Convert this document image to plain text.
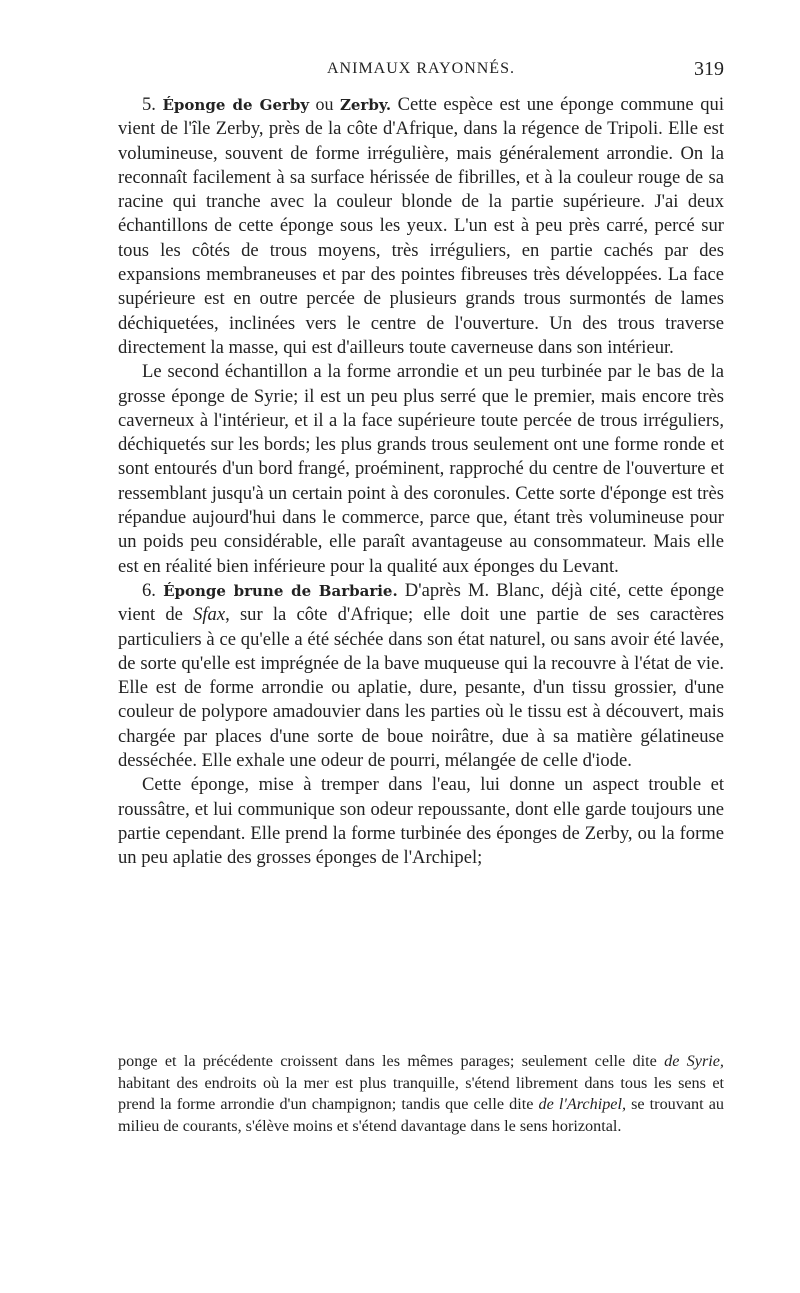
ANIMAUX RAYONNÉS.	319

5. Éponge de Gerby ou Zerby. Cette espèce est une éponge commune qui vient de l'île Zerby, près de la côte d'Afrique, dans la régence de Tripoli. Elle est volumineuse, souvent de forme irrégulière, mais généralement arrondie. On la reconnaît facilement à sa surface hérissée de fibrilles, et à la couleur rouge de sa racine qui tranche avec la couleur blonde de la partie supérieure. J'ai deux échantillons de cette éponge sous les yeux. L'un est à peu près carré, percé sur tous les côtés de trous moyens, très irréguliers, en partie cachés par des expansions membraneuses et par des pointes fibreuses très développées. La face supérieure est en outre percée de plusieurs grands trous surmontés de lames déchiquetées, inclinées vers le centre de l'ouverture. Un des trous traverse directement la masse, qui est d'ailleurs toute caverneuse dans son intérieur.

Le second échantillon a la forme arrondie et un peu turbinée par le bas de la grosse éponge de Syrie; il est un peu plus serré que le premier, mais encore très caverneux à l'intérieur, et il a la face supérieure toute percée de trous irréguliers, déchiquetés sur les bords; les plus grands trous seulement ont une forme ronde et sont entourés d'un bord frangé, proéminent, rapproché du centre de l'ouverture et ressemblant jusqu'à un certain point à des coronules. Cette sorte d'éponge est très répandue aujourd'hui dans le commerce, parce que, étant très volumineuse pour un poids peu considérable, elle paraît avantageuse au consommateur. Mais elle est en réalité bien inférieure pour la qualité aux éponges du Levant.

6. Éponge brune de Barbarie. D'après M. Blanc, déjà cité, cette éponge vient de Sfax, sur la côte d'Afrique; elle doit une partie de ses caractères particuliers à ce qu'elle a été séchée dans son état naturel, ou sans avoir été lavée, de sorte qu'elle est imprégnée de la bave muqueuse qui la recouvre à l'état de vie. Elle est de forme arrondie ou aplatie, dure, pesante, d'un tissu grossier, d'une couleur de polypore amadouvier dans les parties où le tissu est à découvert, mais chargée par places d'une sorte de boue noirâtre, due à sa matière gélatineuse desséchée. Elle exhale une odeur de pourri, mélangée de celle d'iode.

Cette éponge, mise à tremper dans l'eau, lui donne un aspect trouble et roussâtre, et lui communique son odeur repoussante, dont elle garde toujours une partie cependant. Elle prend la forme turbinée des éponges de Zerby, ou la forme un peu aplatie des grosses éponges de l'Archipel;

ponge et la précédente croissent dans les mêmes parages; seulement celle dite de Syrie, habitant des endroits où la mer est plus tranquille, s'étend librement dans tous les sens et prend la forme arrondie d'un champignon; tandis que celle dite de l'Archipel, se trouvant au milieu de courants, s'élève moins et s'étend davantage dans le sens horizontal.
